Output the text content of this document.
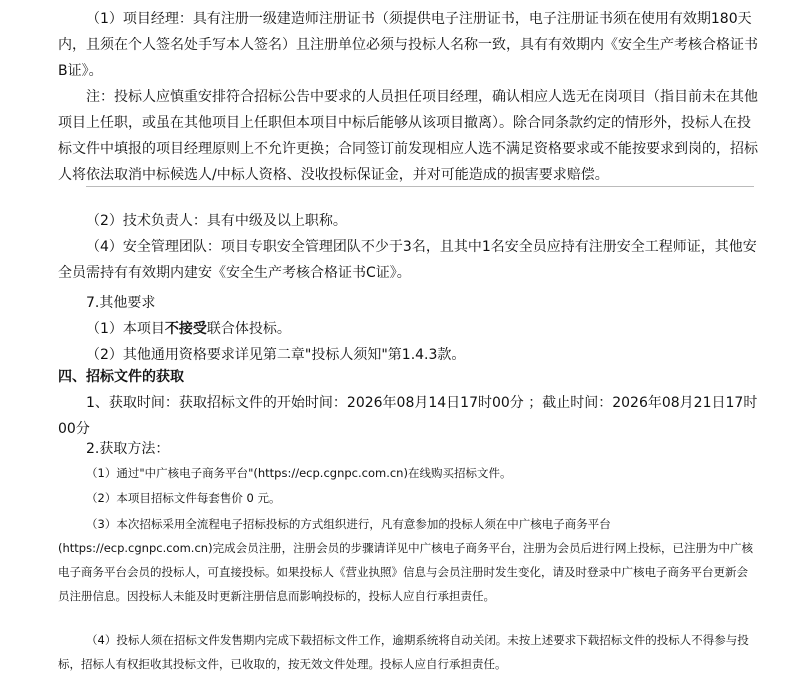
（1）项目经理：具有注册一级建造师注册证书（须提供电子注册证书，电子注册证书须在使用有效期180天内，且须在个人签名处手写本人签名）且注册单位必须与投标人名称一致，具有有效期内《安全生产考核合格证书B证》。
注：投标人应慎重安排符合招标公告中要求的人员担任项目经理，确认相应人选无在岗项目（指目前未在其他项目上任职，或虽在其他项目上任职但本项目中标后能够从该项目撤离）。除合同条款约定的情形外，投标人在投标文件中填报的项目经理原则上不允许更换；合同签订前发现相应人选不满足资格要求或不能按要求到岗的，招标人将依法取消中标候选人/中标人资格、没收投标保证金，并对可能造成的损害要求赔偿。
（2）技术负责人：具有中级及以上职称。
（4）安全管理团队：项目专职安全管理团队不少于3名，且其中1名安全员应持有注册安全工程师证，其他安全员需持有有效期内建安《安全生产考核合格证书C证》。
7.其他要求
（1）本项目不接受联合体投标。
（2）其他通用资格要求详见第二章"投标人须知"第1.4.3款。
四、招标文件的获取
1、获取时间：获取招标文件的开始时间：2026年08月14日17时00分 ；截止时间：2026年08月21日17时00分
2.获取方法：
（1）通过"中广核电子商务平台"(https://ecp.cgnpc.com.cn)在线购买招标文件。
（2）本项目招标文件每套售价 0 元。
（3）本次招标采用全流程电子招标投标的方式组织进行，凡有意参加的投标人须在中广核电子商务平台(https://ecp.cgnpc.com.cn)完成会员注册，注册会员的步骤请详见中广核电子商务平台，注册为会员后进行网上投标，已注册为中广核电子商务平台会员的投标人，可直接投标。如果投标人《营业执照》信息与会员注册时发生变化，请及时登录中广核电子商务平台更新会员注册信息。因投标人未能及时更新注册信息而影响投标的，投标人应自行承担责任。
（4）投标人须在招标文件发售期内完成下载招标文件工作，逾期系统将自动关闭。未按上述要求下载招标文件的投标人不得参与投标，招标人有权拒收其投标文件，已收取的，按无效文件处理。投标人应自行承担责任。
